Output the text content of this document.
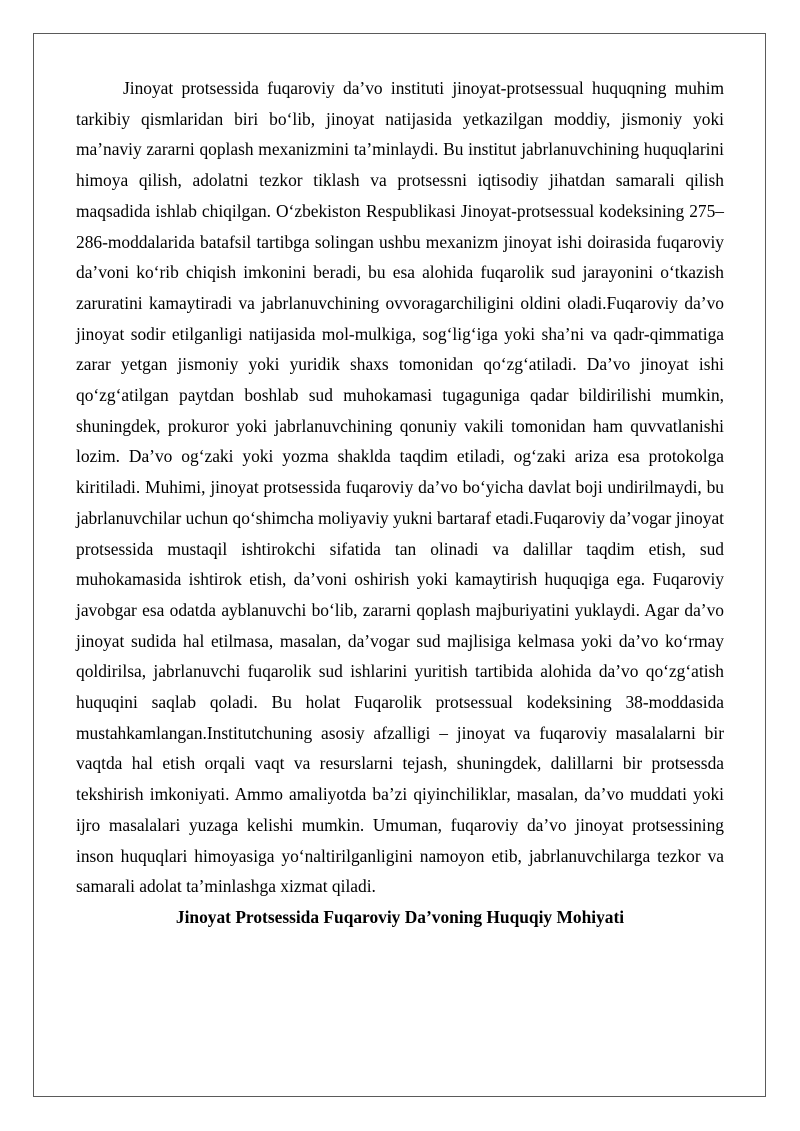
Jinoyat protsessida fuqaroviy da’vo instituti jinoyat-protsessual huquqning muhim tarkibiy qismlaridan biri bo‘lib, jinoyat natijasida yetkazilgan moddiy, jismoniy yoki ma’naviy zararni qoplash mexanizmini ta’minlaydi. Bu institut jabrlanuvchining huquqlarini himoya qilish, adolatni tezkor tiklash va protsessni iqtisodiy jihatdan samarali qilish maqsadida ishlab chiqilgan. O‘zbekiston Respublikasi Jinoyat-protsessual kodeksining 275–286-moddalarida batafsil tartibga solingan ushbu mexanizm jinoyat ishi doirasida fuqaroviy da’voni ko‘rib chiqish imkonini beradi, bu esa alohida fuqarolik sud jarayonini o‘tkazish zaruratini kamaytiradi va jabrlanuvchining ovvoragarchiligini oldini oladi.Fuqaroviy da’vo jinoyat sodir etilganligi natijasida mol-mulkiga, sog‘lig‘iga yoki sha’ni va qadr-qimmatiga zarar yetgan jismoniy yoki yuridik shaxs tomonidan qo‘zg‘atiladi. Da’vo jinoyat ishi qo‘zg‘atilgan paytdan boshlab sud muhokamasi tugaguniga qadar bildirilishi mumkin, shuningdek, prokuror yoki jabrlanuvchining qonuniy vakili tomonidan ham quvvatlanishi lozim. Da’vo og‘zaki yoki yozma shaklda taqdim etiladi, og‘zaki ariza esa protokolga kiritiladi. Muhimi, jinoyat protsessida fuqaroviy da’vo bo‘yicha davlat boji undirilmaydi, bu jabrlanuvchilar uchun qo‘shimcha moliyaviy yukni bartaraf etadi.Fuqaroviy da’vogar jinoyat protsessida mustaqil ishtirokchi sifatida tan olinadi va dalillar taqdim etish, sud muhokamasida ishtirok etish, da’voni oshirish yoki kamaytirish huquqiga ega. Fuqaroviy javobgar esa odatda ayblanuvchi bo‘lib, zararni qoplash majburiyatini yuklaydi. Agar da’vo jinoyat sudida hal etilmasa, masalan, da’vogar sud majlisiga kelmasa yoki da’vo ko‘rmay qoldirilsa, jabrlanuvchi fuqarolik sud ishlarini yuritish tartibida alohida da’vo qo‘zg‘atish huquqini saqlab qoladi. Bu holat Fuqarolik protsessual kodeksining 38-moddasida mustahkamlangan.Institutchuning asosiy afzalligi – jinoyat va fuqaroviy masalalarni bir vaqtda hal etish orqali vaqt va resurslarni tejash, shuningdek, dalillarni bir protsessda tekshirish imkoniyati. Ammo amaliyotda ba’zi qiyinchiliklar, masalan, da’vo muddati yoki ijro masalalari yuzaga kelishi mumkin. Umuman, fuqaroviy da’vo jinoyat protsessining inson huquqlari himoyasiga yo‘naltirilganligini namoyon etib, jabrlanuvchilarga tezkor va samarali adolat ta’minlashga xizmat qiladi.

Jinoyat Protsessida Fuqaroviy Da’voning Huquqiy Mohiyati
